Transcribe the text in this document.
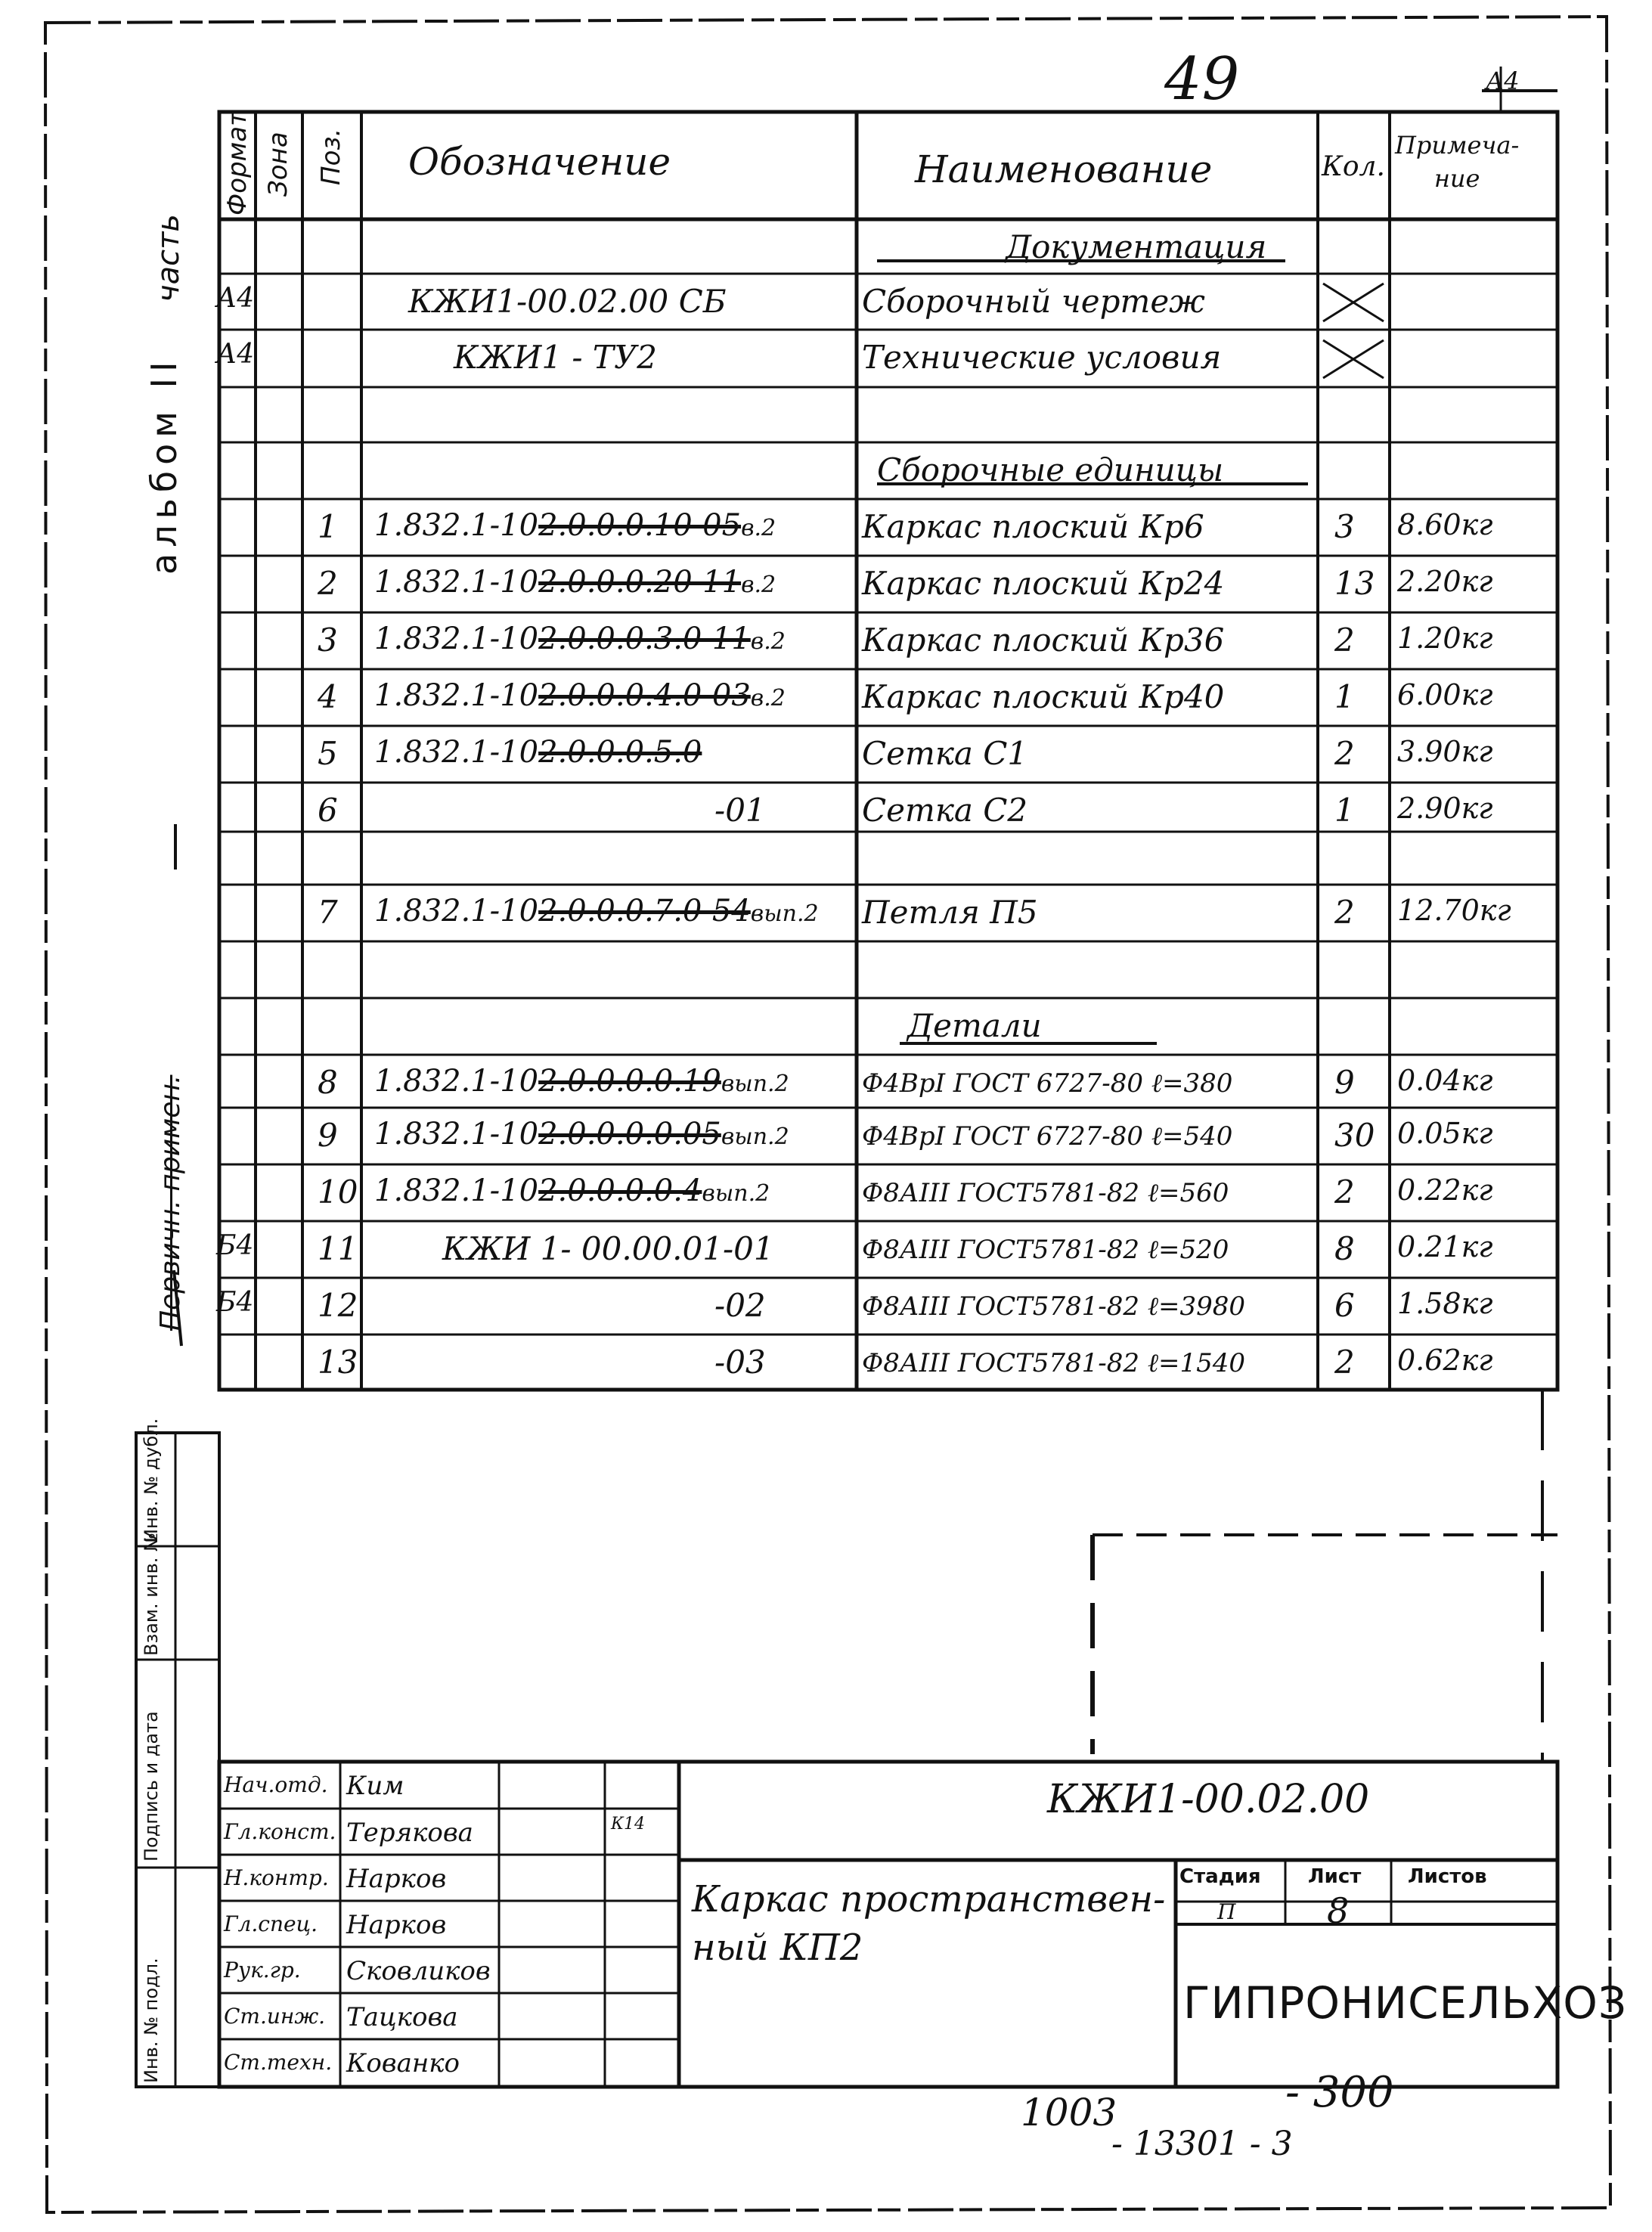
49	А4
альбом II
часть
Первичн. примен.
Формат Зона Поз. Обозначение	Наименование	Кол.
Примеча-
ние
Документация
А4	КЖИ1-00.02.00 СБ	Сборочный чертеж
А4	КЖИ1 - ТУ2	Технические условия
Сборочные единицы
1 1.832.1-102.0.0.0.10-05в.2	Каркас плоский Кр6	3 8.60кг
2 1.832.1-102.0.0.0.20-11в.2	Каркас плоский Кр24	13 2.20кг
3 1.832.1-102.0.0.0.3.0-11в.2 Каркас плоский Кр36	2 1.20кг
4 1.832.1-102.0.0.0.4.0-03в.2 Каркас плоский Кр40	1 6.00кг
5 1.832.1-102.0.0.0.5.0	Сетка С1	2 3.90кг
6	-01	Сетка С2	1 2.90кг
7 1.832.1-102.0.0.0.7.0-54вып.2 Петля П5	2 12.70кг
Детали
8 1.832.1-102.0.0.0.0.19вып.2	Ф4ВрI ГОСТ 6727-80 ℓ=380	9 0.04кг
9 1.832.1-102.0.0.0.0.05вып.2	Ф4ВрI ГОСТ 6727-80 ℓ=540	30 0.05кг
10 1.832.1-102.0.0.0.0.4вып.2	Ф8АIII ГОСТ5781-82 ℓ=560	2 0.22кг
Б4 11	КЖИ 1- 00.00.01-01	Ф8АIII ГОСТ5781-82 ℓ=520	8 0.21кг
Б4 12	-02	Ф8АIII ГОСТ5781-82 ℓ=3980	6 1.58кг
13	-03	Ф8АIII ГОСТ5781-82 ℓ=1540	2 0.62кг
Инв. № дубл.
Взам. инв. №
Подпись и дата
Инв. № подл.
КЖИ1-00.02.00
Каркас пространствен-
ный КП2
Стадия Лист Листов
П	8
ГИПРОНИСЕЛЬХОЗ
К14
Нач.отд. Ким
Гл.конст. Терякова
Н.контр. Нарков
Гл.спец. Нарков
Рук.гр. Сковликов
Ст.инж. Тацкова
Ст.техн. Кованко
1003	- 300
- 13301 - 3
